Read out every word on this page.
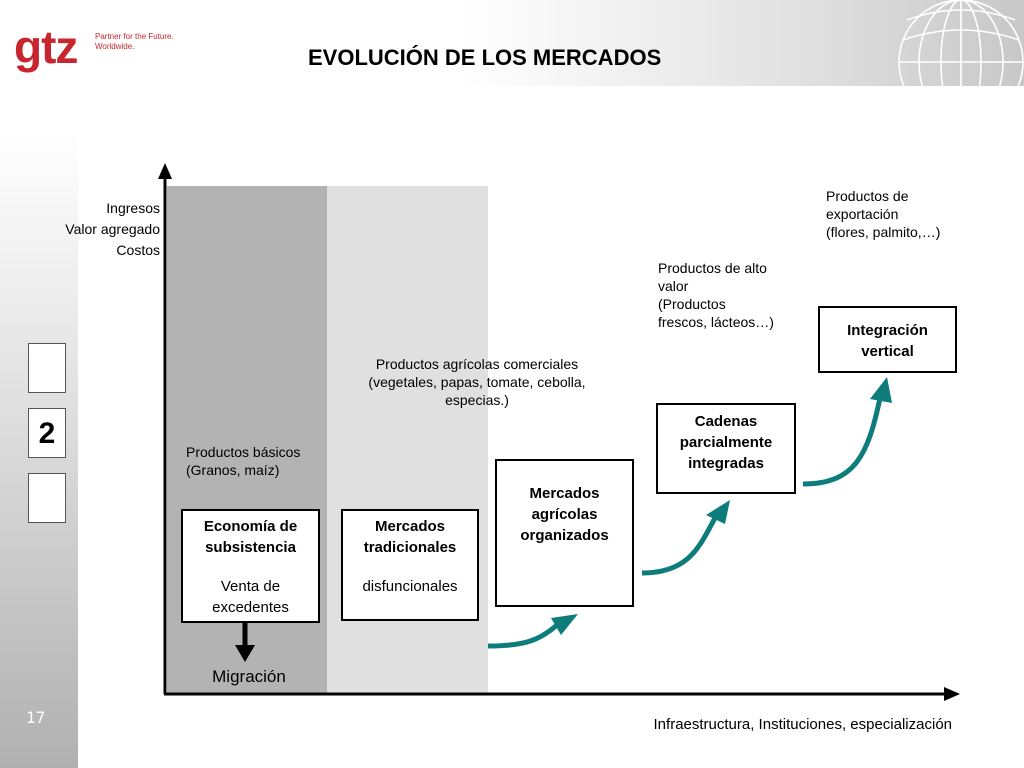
gtz Partner for the Future.
Worldwide.	EVOLUCIÓN DE LOS MERCADOS
2
17
Ingresos
Valor agregado
Costos
Infraestructura, Instituciones, especialización
Productos básicos
(Granos, maíz)
Productos agrícolas comerciales
(vegetales, papas, tomate, cebolla,
especias.)
Productos de alto
valor
(Productos
frescos, lácteos…)
Productos de
exportación
(flores, palmito,…)
Economía de
subsistencia
Venta de
excedentes
Mercados
tradicionales
disfuncionales
Mercados
agrícolas
organizados
Cadenas
parcialmente
integradas
Integración
vertical
Migración
